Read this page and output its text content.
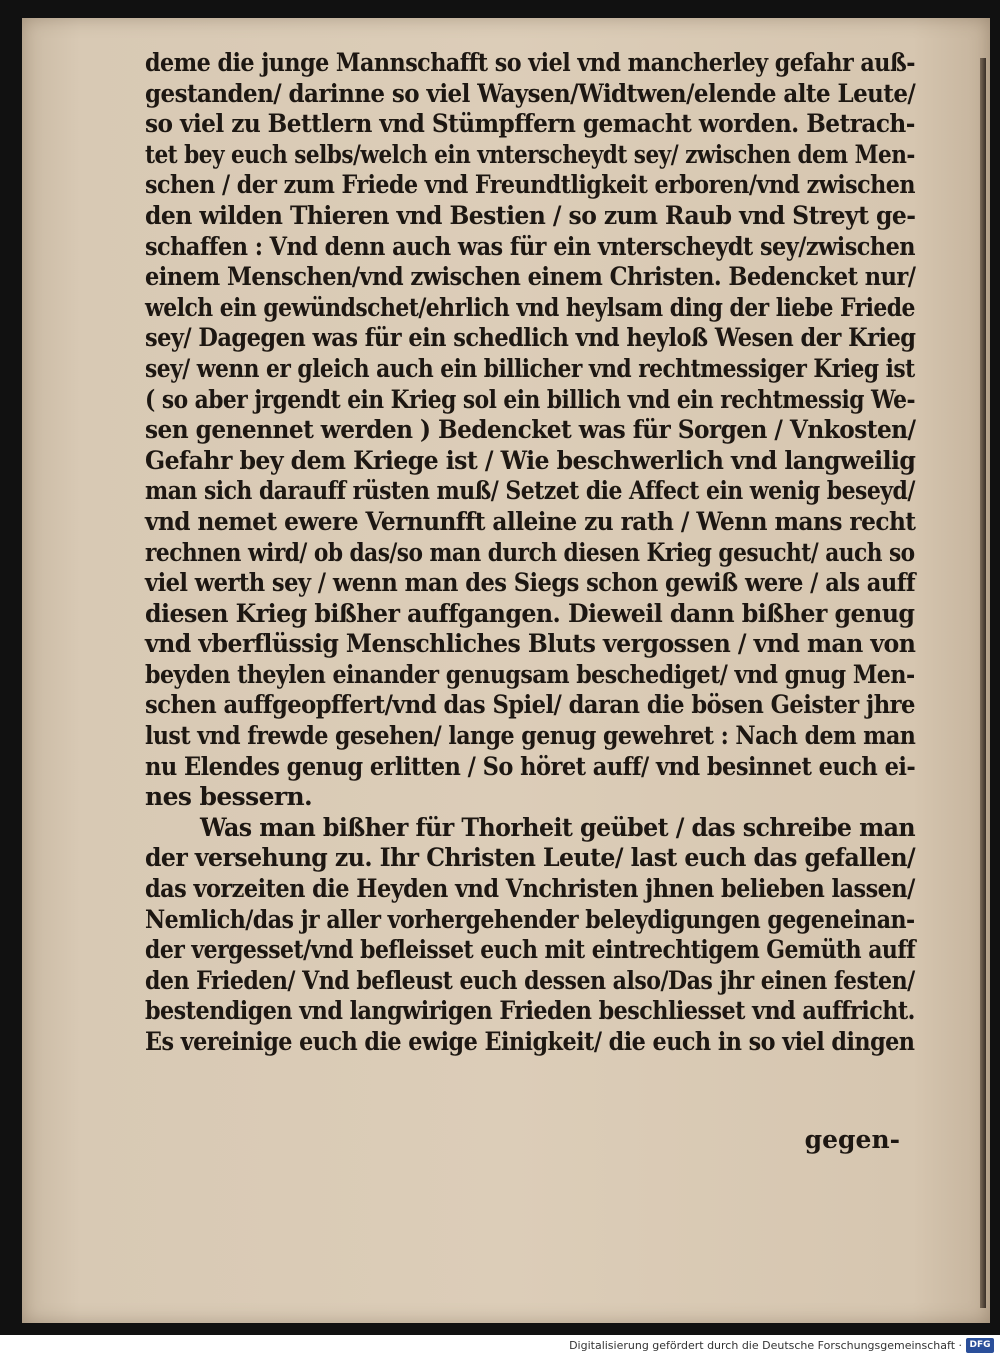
deme die junge Mannschafft so viel vnd mancherley gefahr auß-
gestanden/ darinne so viel Waysen/Widtwen/elende alte Leute/
so viel zu Bettlern vnd Stümpffern gemacht worden. Betrach-
tet bey euch selbs/welch ein vnterscheydt sey/ zwischen dem Men-
schen / der zum Friede vnd Freundtligkeit erboren/vnd zwischen
den wilden Thieren vnd Bestien / so zum Raub vnd Streyt ge-
schaffen : Vnd denn auch was für ein vnterscheydt sey/zwischen
einem Menschen/vnd zwischen einem Christen. Bedencket nur/
welch ein gewündschet/ehrlich vnd heylsam ding der liebe Friede
sey/ Dagegen was für ein schedlich vnd heyloß Wesen der Krieg
sey/ wenn er gleich auch ein billicher vnd rechtmessiger Krieg ist
( so aber jrgendt ein Krieg sol ein billich vnd ein rechtmessig We-
sen genennet werden ) Bedencket was für Sorgen / Vnkosten/
Gefahr bey dem Kriege ist / Wie beschwerlich vnd langweilig
man sich darauff rüsten muß/ Setzet die Affect ein wenig beseyd/
vnd nemet ewere Vernunfft alleine zu rath / Wenn mans recht
rechnen wird/ ob das/so man durch diesen Krieg gesucht/ auch so
viel werth sey / wenn man des Siegs schon gewiß were / als auff
diesen Krieg bißher auffgangen. Dieweil dann bißher genug
vnd vberflüssig Menschliches Bluts vergossen / vnd man von
beyden theylen einander genugsam beschediget/ vnd gnug Men-
schen auffgeopffert/vnd das Spiel/ daran die bösen Geister jhre
lust vnd frewde gesehen/ lange genug gewehret : Nach dem man
nu Elendes genug erlitten / So höret auff/ vnd besinnet euch ei-
nes bessern.
Was man bißher für Thorheit geübet / das schreibe man
der versehung zu. Ihr Christen Leute/ last euch das gefallen/
das vorzeiten die Heyden vnd Vnchristen jhnen belieben lassen/
Nemlich/das jr aller vorhergehender beleydigungen gegeneinan-
der vergesset/vnd befleisset euch mit eintrechtigem Gemüth auff
den Frieden/ Vnd befleust euch dessen also/Das jhr einen festen/
bestendigen vnd langwirigen Frieden beschliesset vnd auffricht.
Es vereinige euch die ewige Einigkeit/ die euch in so viel dingen
gegen-
Digitalisierung gefördert durch die Deutsche Forschungsgemeinschaft · DFG
